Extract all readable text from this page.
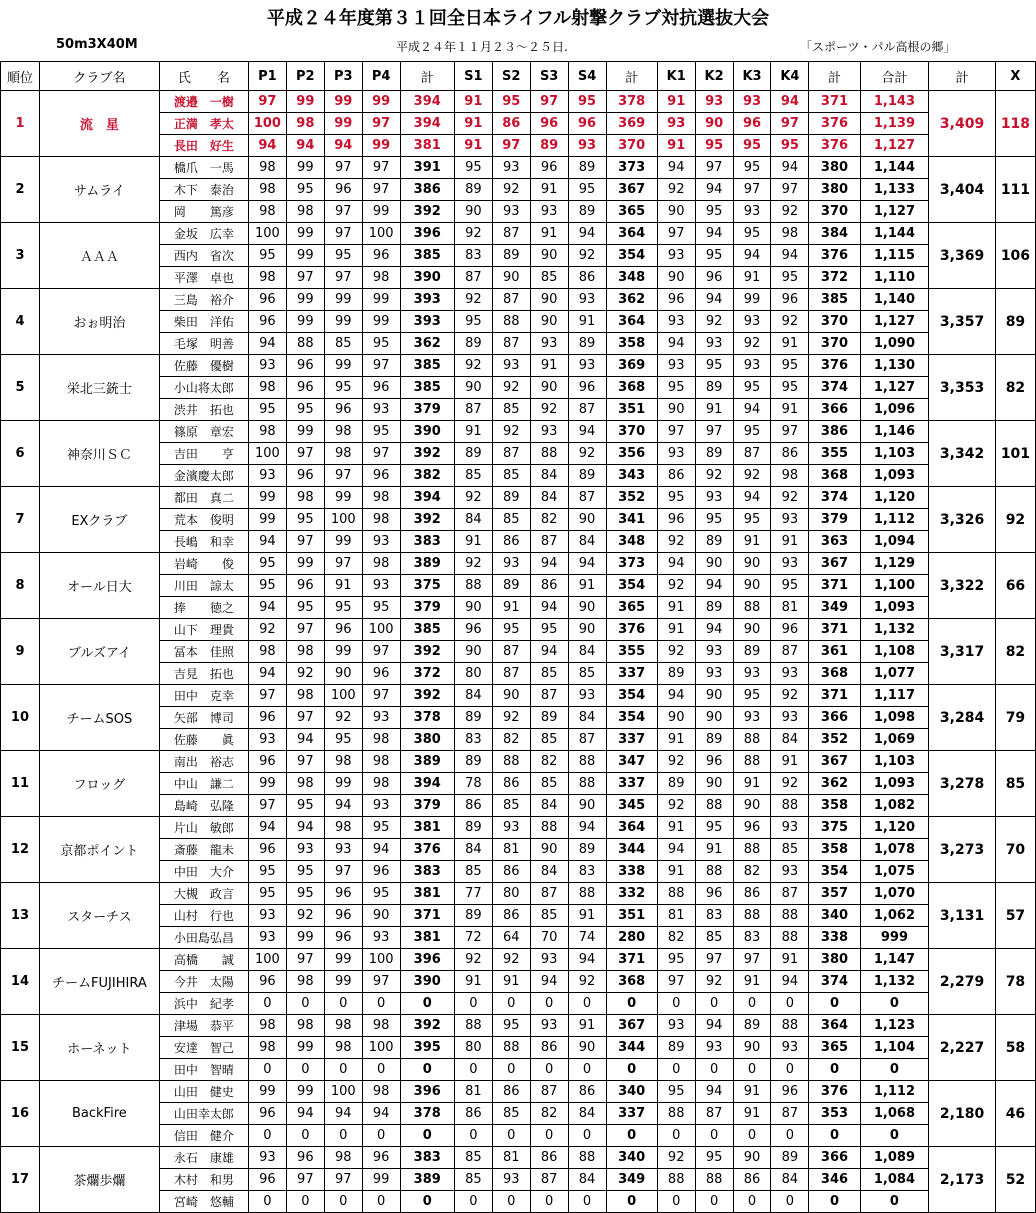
平成２４年度第３１回全日本ライフル射撃クラブ対抗選抜大会
50m3X40M	平成２４年１１月２３～２５日.	「スポーツ・パル高根の郷」
順位	クラブ名	氏　　名	P1	P2	P3	P4	計	S1	S2	S3	S4	計	K1	K2	K3	K4	計	合計	計	X
1	流　星	渡邉　一樹	97	99	99	99	394	91	95	97	95	378	91	93	93	94	371	1,143	3,409	118
		正満　孝太	100	98	99	97	394	91	86	96	96	369	93	90	96	97	376	1,139		
		長田　好生	94	94	94	99	381	91	97	89	93	370	91	95	95	95	376	1,127		
2	サムライ	橋爪　一馬	98	99	97	97	391	95	93	96	89	373	94	97	95	94	380	1,144	3,404	111
		木下　泰治	98	95	96	97	386	89	92	91	95	367	92	94	97	97	380	1,133		
		岡　　篤彦	98	98	97	99	392	90	93	93	89	365	90	95	93	92	370	1,127		
3	ＡＡＡ	金坂　広幸	100	99	97	100	396	92	87	91	94	364	97	94	95	98	384	1,144	3,369	106
		西内　省次	95	99	95	96	385	83	89	90	92	354	93	95	94	94	376	1,115		
		平澤　卓也	98	97	97	98	390	87	90	85	86	348	90	96	91	95	372	1,110		
4	おぉ明治	三島　裕介	96	99	99	99	393	92	87	90	93	362	96	94	99	96	385	1,140	3,357	89
		柴田　洋佑	96	99	99	99	393	95	88	90	91	364	93	92	93	92	370	1,127		
		毛塚　明善	94	88	85	95	362	89	87	93	89	358	94	93	92	91	370	1,090		
5	栄北三銃士	佐藤　優樹	93	96	99	97	385	92	93	91	93	369	93	95	93	95	376	1,130	3,353	82
		小山将太郎	98	96	95	96	385	90	92	90	96	368	95	89	95	95	374	1,127		
		渋井　拓也	95	95	96	93	379	87	85	92	87	351	90	91	94	91	366	1,096		
6	神奈川ＳＣ	篠原　章宏	98	99	98	95	390	91	92	93	94	370	97	97	95	97	386	1,146	3,342	101
		吉田　　亨	100	97	98	97	392	89	87	88	92	356	93	89	87	86	355	1,103		
		金濱慶太郎	93	96	97	96	382	85	85	84	89	343	86	92	92	98	368	1,093		
7	EXクラブ	都田　真二	99	98	99	98	394	92	89	84	87	352	95	93	94	92	374	1,120	3,326	92
		荒本　俊明	99	95	100	98	392	84	85	82	90	341	96	95	95	93	379	1,112		
		長嶋　和幸	94	97	99	93	383	91	86	87	84	348	92	89	91	91	363	1,094		
8	オール日大	岩崎　　俊	95	99	97	98	389	92	93	94	94	373	94	90	90	93	367	1,129	3,322	66
		川田　諒太	95	96	91	93	375	88	89	86	91	354	92	94	90	95	371	1,100		
		捧　　徳之	94	95	95	95	379	90	91	94	90	365	91	89	88	81	349	1,093		
9	ブルズアイ	山下　理貴	92	97	96	100	385	96	95	95	90	376	91	94	90	96	371	1,132	3,317	82
		冨本　佳照	98	98	99	97	392	90	87	94	84	355	92	93	89	87	361	1,108		
		吉見　拓也	94	92	90	96	372	80	87	85	85	337	89	93	93	93	368	1,077		
10	チームSOS	田中　克幸	97	98	100	97	392	84	90	87	93	354	94	90	95	92	371	1,117	3,284	79
		矢部　博司	96	97	92	93	378	89	92	89	84	354	90	90	93	93	366	1,098		
		佐藤　　眞	93	94	95	98	380	83	82	85	87	337	91	89	88	84	352	1,069		
11	フロッグ	南出　裕志	96	97	98	98	389	89	88	82	88	347	92	96	88	91	367	1,103	3,278	85
		中山　謙二	99	98	99	98	394	78	86	85	88	337	89	90	91	92	362	1,093		
		島崎　弘隆	97	95	94	93	379	86	85	84	90	345	92	88	90	88	358	1,082		
12	京都ポイント	片山　敏郎	94	94	98	95	381	89	93	88	94	364	91	95	96	93	375	1,120	3,273	70
		斎藤　龍未	96	93	93	94	376	84	81	90	89	344	94	91	88	85	358	1,078		
		中田　大介	95	95	97	96	383	85	86	84	83	338	91	88	82	93	354	1,075		
13	スターチス	大槻　政言	95	95	96	95	381	77	80	87	88	332	88	96	86	87	357	1,070	3,131	57
		山村　行也	93	92	96	90	371	89	86	85	91	351	81	83	88	88	340	1,062		
		小田島弘昌	93	99	96	93	381	72	64	70	74	280	82	85	83	88	338	999		
14	チームFUJIHIRA	高橋　　誠	100	97	99	100	396	92	92	93	94	371	95	97	97	91	380	1,147	2,279	78
		今井　太陽	96	98	99	97	390	91	91	94	92	368	97	92	91	94	374	1,132		
		浜中　紀孝	0	0	0	0	0	0	0	0	0	0	0	0	0	0	0	0		
15	ホーネット	津場　恭平	98	98	98	98	392	88	95	93	91	367	93	94	89	88	364	1,123	2,227	58
		安達　智己	98	99	98	100	395	80	88	86	90	344	89	93	90	93	365	1,104		
		田中　智晴	0	0	0	0	0	0	0	0	0	0	0	0	0	0	0	0		
16	BackFire	山田　健史	99	99	100	98	396	81	86	87	86	340	95	94	91	96	376	1,112	2,180	46
		山田幸太郎	96	94	94	94	378	86	85	82	84	337	88	87	91	87	353	1,068		
		信田　健介	0	0	0	0	0	0	0	0	0	0	0	0	0	0	0	0		
17	茶爛歩爛	永石　康雄	93	96	98	96	383	85	81	86	88	340	92	95	90	89	366	1,089	2,173	52
		木村　和男	96	97	97	99	389	85	93	87	84	349	88	88	86	84	346	1,084		
		宮崎　悠輔	0	0	0	0	0	0	0	0	0	0	0	0	0	0	0	0		
